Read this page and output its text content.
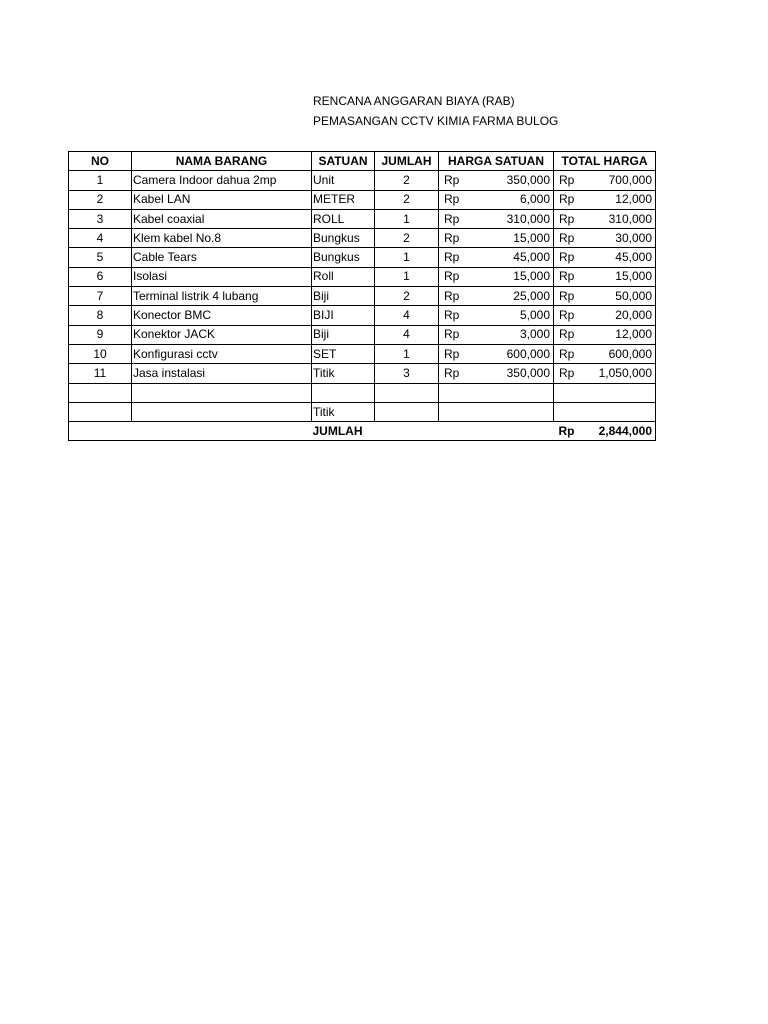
RENCANA ANGGARAN BIAYA (RAB)
PEMASANGAN CCTV KIMIA FARMA BULOG
NO	NAMA BARANG	SATUAN	JUMLAH	HARGA SATUAN	TOTAL HARGA
1	Camera Indoor dahua 2mp	Unit	2	Rp 350,000	Rp 700,000

2	Kabel LAN	METER	2	Rp 6,000	Rp 12,000

3	Kabel coaxial	ROLL	1	Rp 310,000	Rp 310,000

4	Klem kabel No.8	Bungkus	2	Rp 15,000	Rp 30,000

5	Cable Tears	Bungkus	1	Rp 45,000	Rp 45,000

6	Isolasi	Roll	1	Rp 15,000	Rp 15,000

7	Terminal listrik 4 lubang	Biji	2	Rp 25,000	Rp 50,000

8	Konector BMC	BIJI	4	Rp 5,000	Rp 20,000

9	Konektor JACK	Biji	4	Rp 3,000	Rp 12,000

10	Konfigurasi cctv	SET	1	Rp 600,000	Rp 600,000

11	Jasa instalasi	Titik	3	Rp 350,000	Rp 1,050,000

		Titik			
		JUMLAH			Rp 2,844,000
